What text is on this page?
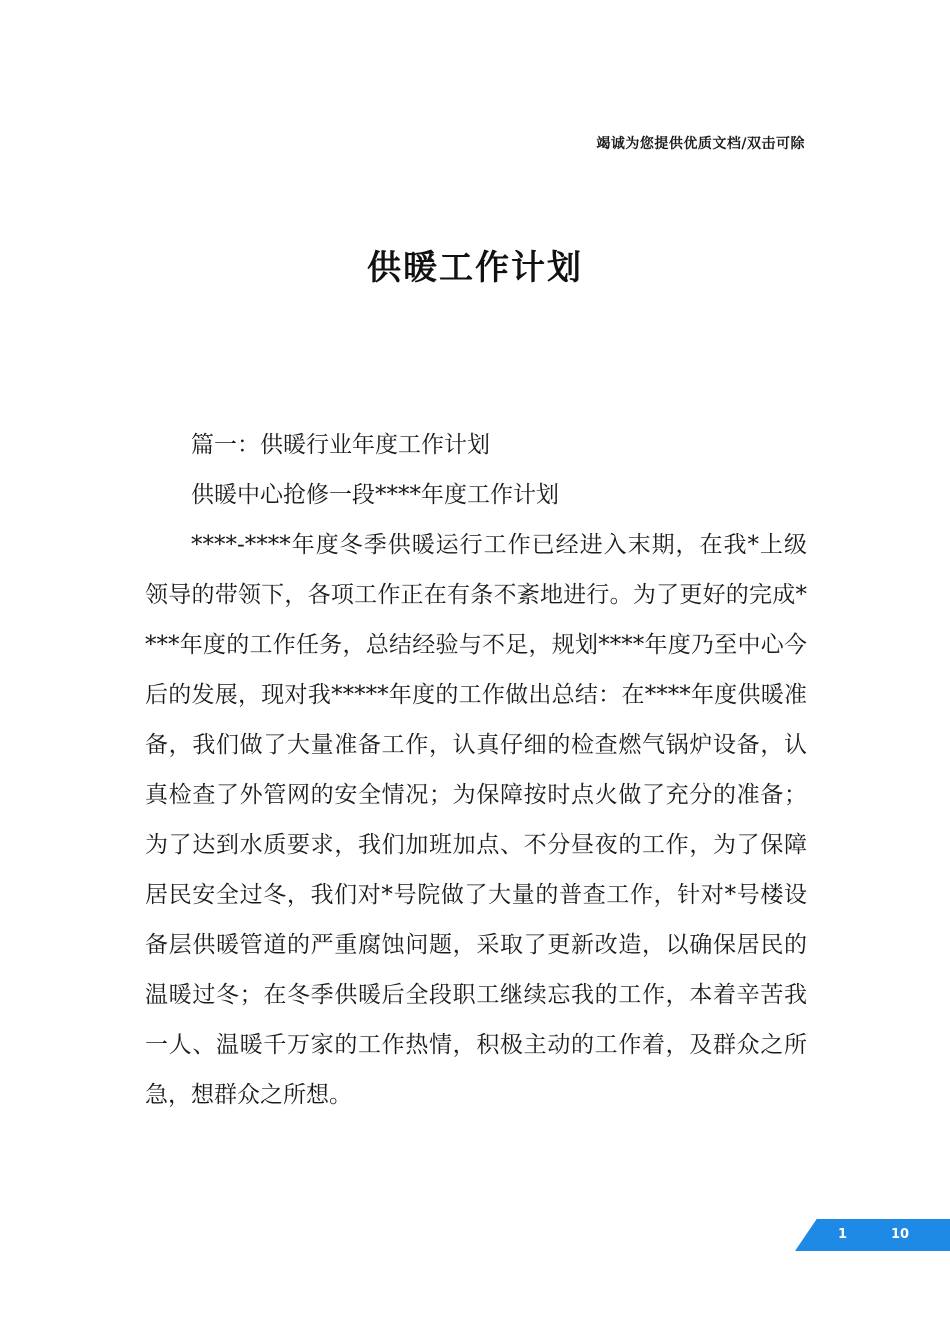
竭诚为您提供优质文档/双击可除
供暖工作计划

篇一：供暖行业年度工作计划

供暖中心抢修一段****年度工作计划

****-****年度冬季供暖运行工作已经进入末期，在我*上级领导的带领下，各项工作正在有条不紊地进行。为了更好的完成****年度的工作任务，总结经验与不足，规划****年度乃至中心今后的发展，现对我*****年度的工作做出总结：在****年度供暖准备，我们做了大量准备工作，认真仔细的检查燃气锅炉设备，认真检查了外管网的安全情况；为保障按时点火做了充分的准备；为了达到水质要求，我们加班加点、不分昼夜的工作，为了保障居民安全过冬，我们对*号院做了大量的普查工作，针对*号楼设备层供暖管道的严重腐蚀问题，采取了更新改造，以确保居民的温暖过冬；在冬季供暖后全段职工继续忘我的工作，本着辛苦我一人、温暖千万家的工作热情，积极主动的工作着，及群众之所急，想群众之所想。

1	10
